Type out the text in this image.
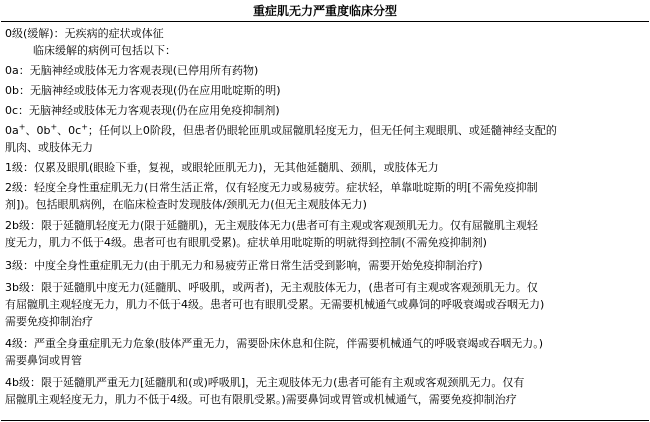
重症肌无力严重度临床分型
0级(缓解)：无疾病的症状或体征
临床缓解的病例可包括以下：
0a：无脑神经或肢体无力客观表现(已停用所有药物)
0b：无脑神经或肢体无力客观表现(仍在应用吡啶斯的明)
0c：无脑神经或肢体无力客观表现(仍在应用免疫抑制剂)
0a+、0b+、0c+；任何以上0阶段，但患者仍眼轮匝肌或屈髋肌轻度无力，但无任何主观眼肌、或延髓神经支配的
肌肉、或肢体无力
1级：仅累及眼肌(眼睑下垂，复视，或眼轮匝肌无力)，无其他延髓肌、颈肌，或肢体无力
2级：轻度全身性重症肌无力(日常生活正常，仅有轻度无力或易疲劳。症状轻，单靠吡啶斯的明[不需免疫抑制
剂])。包括眼肌病例，在临床检查时发现肢体/颈肌无力(但无主观肢体无力)
2b级：限于延髓肌轻度无力(限于延髓肌)，无主观肢体无力(患者可有主观或客观颈肌无力。仅有屈髋肌主观轻
度无力，肌力不低于4级。患者可也有眼肌受累)。症状单用吡啶斯的明就得到控制(不需免疫抑制剂)
3级：中度全身性重症肌无力(由于肌无力和易疲劳正常日常生活受到影响，需要开始免疫抑制治疗)
3b级：限于延髓肌中度无力(延髓肌、呼吸肌，或两者)，无主观肢体无力，(患者可有主观或客观颈肌无力。仅
有屈髋肌主观轻度无力，肌力不低于4级。患者可也有眼肌受累。无需要机械通气或鼻饲的呼吸衰竭或吞咽无力)
需要免疫抑制治疗
4级：严重全身重症肌无力危象(肢体严重无力，需要卧床休息和住院，伴需要机械通气的呼吸衰竭或吞咽无力。)
需要鼻饲或胃管
4b级：限于延髓肌严重无力[延髓肌和(或)呼吸肌]，无主观肢体无力(患者可能有主观或客观颈肌无力。仅有
屈髋肌主观轻度无力，肌力不低于4级。可也有限肌受累。)需要鼻饲或胃管或机械通气，需要免疫抑制治疗
